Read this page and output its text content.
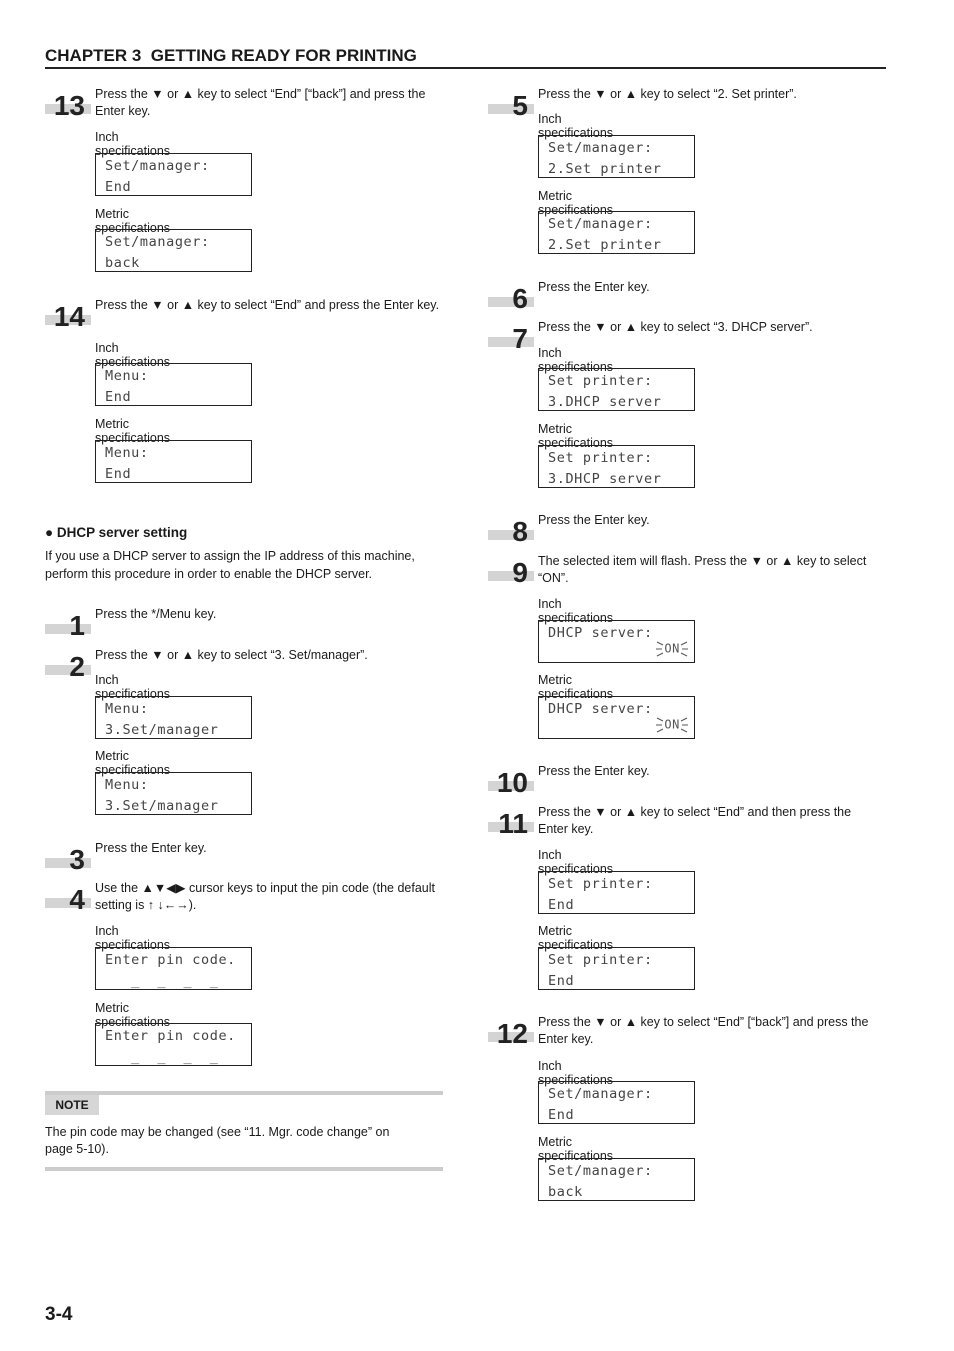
CHAPTER 3  GETTING READY FOR PRINTING
13 Press the ▼ or ▲ key to select “End” [“back”] and press the Enter key.
Inch specifications
Set/manager:
End
Metric specifications
Set/manager:
back
14 Press the ▼ or ▲ key to select “End” and press the Enter key.
Inch specifications
Menu:
End
Metric specifications
Menu:
End
● DHCP server setting
If you use a DHCP server to assign the IP address of this machine, perform this procedure in order to enable the DHCP server.
1 Press the */Menu key.
2 Press the ▼ or ▲ key to select “3. Set/manager”.
Inch specifications
Menu:
3.Set/manager
Metric specifications
Menu:
3.Set/manager
3 Press the Enter key.
4 Use the ▲▼◀▶ cursor keys to input the pin code (the default setting is ↑ ↓←→).
Inch specifications
Enter pin code.
_  _  _  _
Metric specifications
Enter pin code.
_  _  _  _
NOTE
The pin code may be changed (see “11. Mgr. code change” on page 5-10).
5 Press the ▼ or ▲ key to select “2. Set printer”.
Inch specifications
Set/manager:
2.Set printer
Metric specifications
Set/manager:
2.Set printer
6 Press the Enter key.
7 Press the ▼ or ▲ key to select “3. DHCP server”.
Inch specifications
Set printer:
3.DHCP server
Metric specifications
Set printer:
3.DHCP server
8 Press the Enter key.
9 The selected item will flash. Press the ▼ or ▲ key to select “ON”.
Inch specifications
DHCP server:
ON
Metric specifications
DHCP server:
ON
10 Press the Enter key.
11 Press the ▼ or ▲ key to select “End” and then press the Enter key.
Inch specifications
Set printer:
End
Metric specifications
Set printer:
End
12 Press the ▼ or ▲ key to select “End” [“back”] and press the Enter key.
Inch specifications
Set/manager:
End
Metric specifications
Set/manager:
back
3-4
